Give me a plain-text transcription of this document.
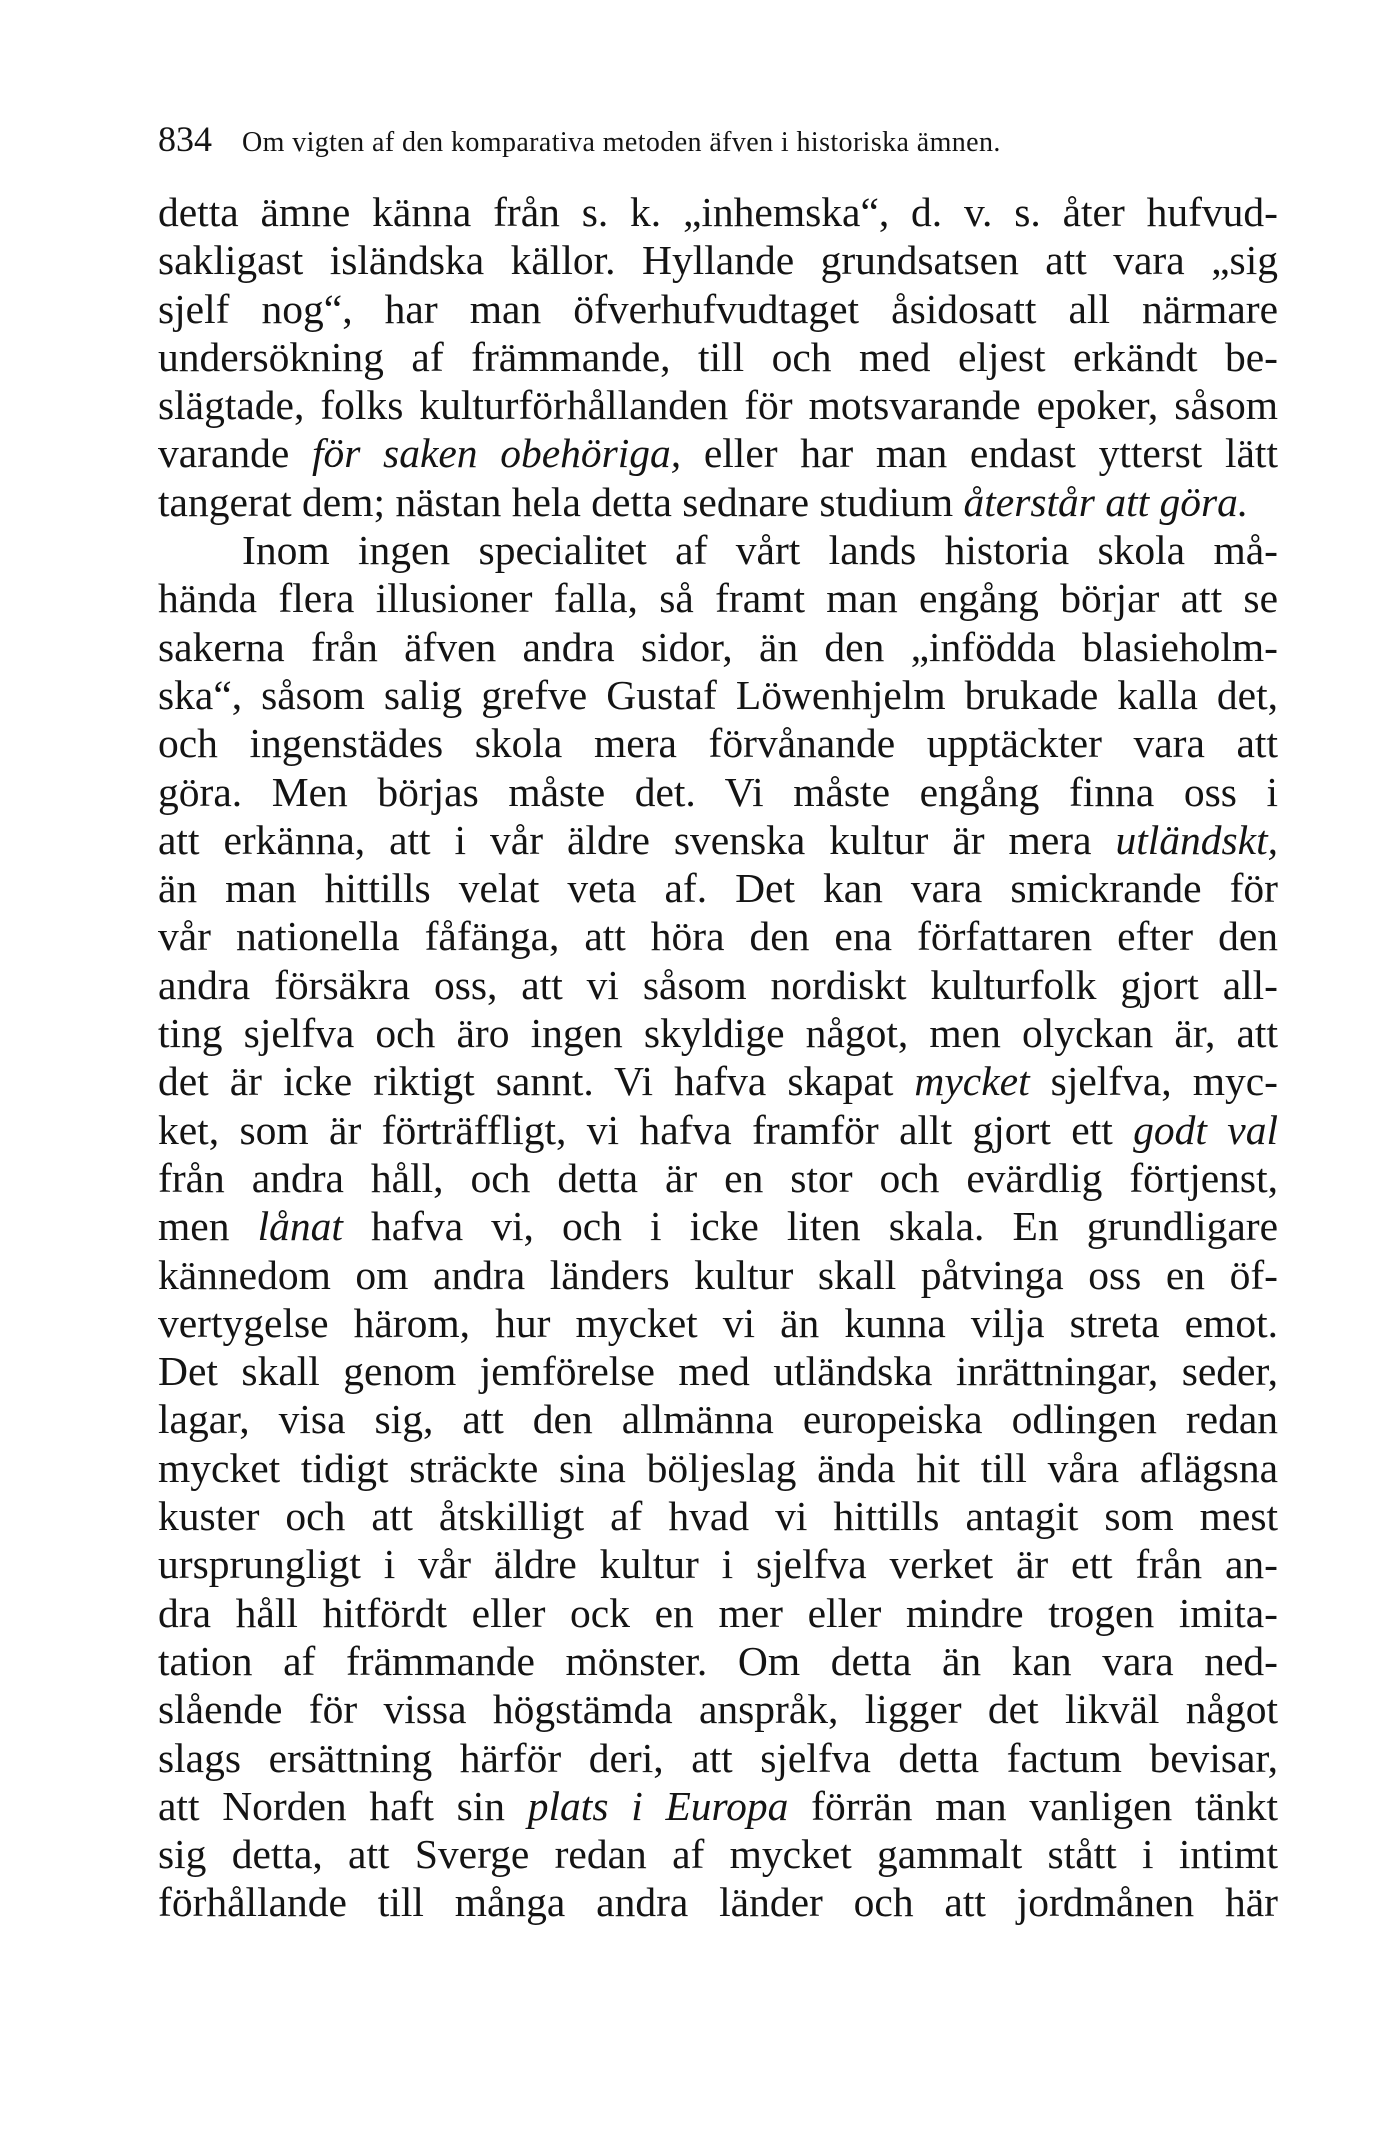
834 Om vigten af den komparativa metoden äfven i historiska ämnen.
detta ämne känna från s. k. „inhemska“, d. v. s. åter hufvud-
sakligast isländska källor. Hyllande grundsatsen att vara „sig
sjelf nog“, har man öfverhufvudtaget åsidosatt all närmare
undersökning af främmande, till och med eljest erkändt be-
slägtade, folks kulturförhållanden för motsvarande epoker, såsom
varande för saken obehöriga, eller har man endast ytterst lätt
tangerat dem; nästan hela detta sednare studium återstår att göra.
Inom ingen specialitet af vårt lands historia skola må-
hända flera illusioner falla, så framt man engång börjar att se
sakerna från äfven andra sidor, än den „infödda blasieholm-
ska“, såsom salig grefve Gustaf Löwenhjelm brukade kalla det,
och ingenstädes skola mera förvånande upptäckter vara att
göra. Men börjas måste det. Vi måste engång finna oss i
att erkänna, att i vår äldre svenska kultur är mera utländskt,
än man hittills velat veta af. Det kan vara smickrande för
vår nationella fåfänga, att höra den ena författaren efter den
andra försäkra oss, att vi såsom nordiskt kulturfolk gjort all-
ting sjelfva och äro ingen skyldige något, men olyckan är, att
det är icke riktigt sannt. Vi hafva skapat mycket sjelfva, myc-
ket, som är förträffligt, vi hafva framför allt gjort ett godt val
från andra håll, och detta är en stor och evärdlig förtjenst,
men lånat hafva vi, och i icke liten skala. En grundligare
kännedom om andra länders kultur skall påtvinga oss en öf-
vertygelse härom, hur mycket vi än kunna vilja streta emot.
Det skall genom jemförelse med utländska inrättningar, seder,
lagar, visa sig, att den allmänna europeiska odlingen redan
mycket tidigt sträckte sina böljeslag ända hit till våra aflägsna
kuster och att åtskilligt af hvad vi hittills antagit som mest
ursprungligt i vår äldre kultur i sjelfva verket är ett från an-
dra håll hitfördt eller ock en mer eller mindre trogen imita-
tation af främmande mönster. Om detta än kan vara ned-
slående för vissa högstämda anspråk, ligger det likväl något
slags ersättning härför deri, att sjelfva detta factum bevisar,
att Norden haft sin plats i Europa förrän man vanligen tänkt
sig detta, att Sverge redan af mycket gammalt stått i intimt
förhållande till många andra länder och att jordmånen här
